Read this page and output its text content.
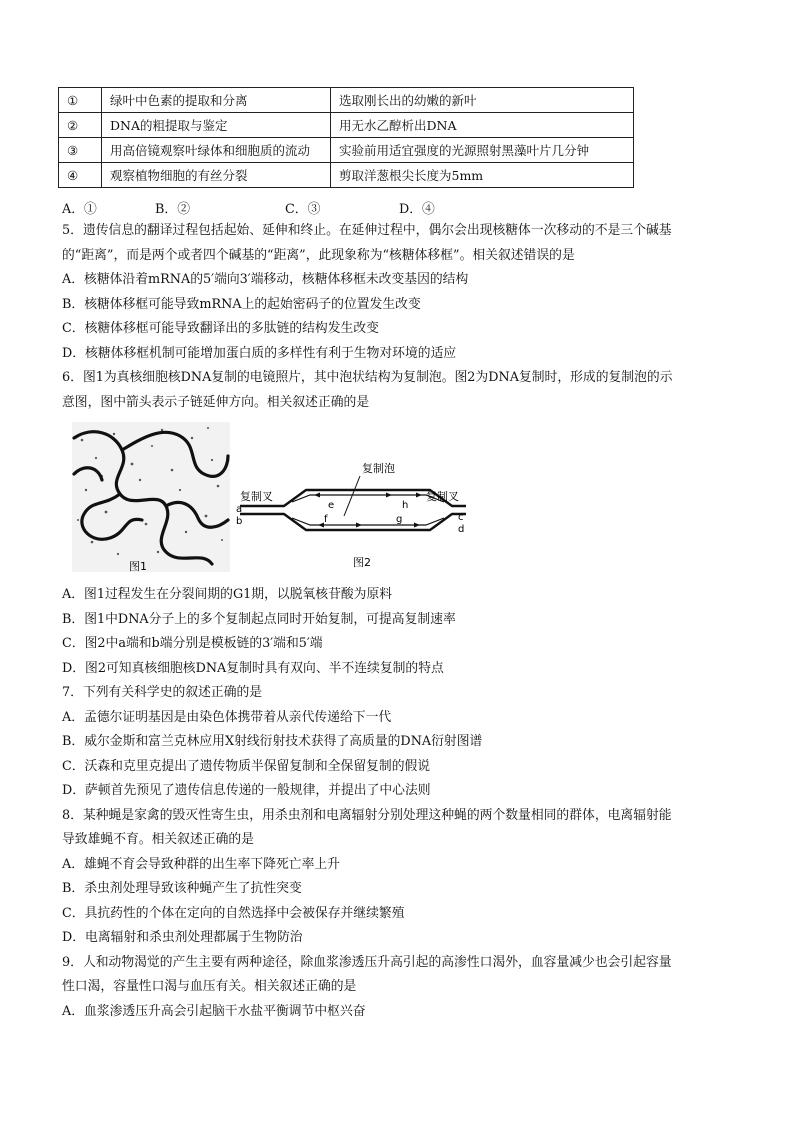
①	绿叶中色素的提取和分离	选取刚长出的幼嫩的新叶
②	DNA的粗提取与鉴定	用无水乙醇析出DNA
③	用高倍镜观察叶绿体和细胞质的流动	实验前用适宜强度的光源照射黑藻叶片几分钟
④	观察植物细胞的有丝分裂	剪取洋葱根尖长度为5mm
A．①	B．②	C．③	D．④
5．遗传信息的翻译过程包括起始、延伸和终止。在延伸过程中，偶尔会出现核糖体一次移动的不是三个碱基
的“距离”，而是两个或者四个碱基的“距离”，此现象称为“核糖体移框”。相关叙述错误的是
A．核糖体沿着mRNA的5′端向3′端移动，核糖体移框未改变基因的结构
B．核糖体移框可能导致mRNA上的起始密码子的位置发生改变
C．核糖体移框可能导致翻译出的多肽链的结构发生改变
D．核糖体移框机制可能增加蛋白质的多样性有利于生物对环境的适应
6．图1为真核细胞核DNA复制的电镜照片，其中泡状结构为复制泡。图2为DNA复制时，形成的复制泡的示
意图，图中箭头表示子链延伸方向。相关叙述正确的是
图1
复制泡
复制叉	复制叉
a
b	c
d
e
f	g
h
图2
A．图1过程发生在分裂间期的G1期，以脱氧核苷酸为原料
B．图1中DNA分子上的多个复制起点同时开始复制，可提高复制速率
C．图2中a端和b端分别是模板链的3′端和5′端
D．图2可知真核细胞核DNA复制时具有双向、半不连续复制的特点
7．下列有关科学史的叙述正确的是
A．孟德尔证明基因是由染色体携带着从亲代传递给下一代
B．威尔金斯和富兰克林应用X射线衍射技术获得了高质量的DNA衍射图谱
C．沃森和克里克提出了遗传物质半保留复制和全保留复制的假说
D．萨顿首先预见了遗传信息传递的一般规律，并提出了中心法则
8．某种蝇是家禽的毁灭性寄生虫，用杀虫剂和电离辐射分别处理这种蝇的两个数量相同的群体，电离辐射能
导致雄蝇不育。相关叙述正确的是
A．雄蝇不育会导致种群的出生率下降死亡率上升
B．杀虫剂处理导致该种蝇产生了抗性突变
C．具抗药性的个体在定向的自然选择中会被保存并继续繁殖
D．电离辐射和杀虫剂处理都属于生物防治
9．人和动物渴觉的产生主要有两种途径，除血浆渗透压升高引起的高渗性口渴外，血容量减少也会引起容量
性口渴，容量性口渴与血压有关。相关叙述正确的是
A．血浆渗透压升高会引起脑干水盐平衡调节中枢兴奋
